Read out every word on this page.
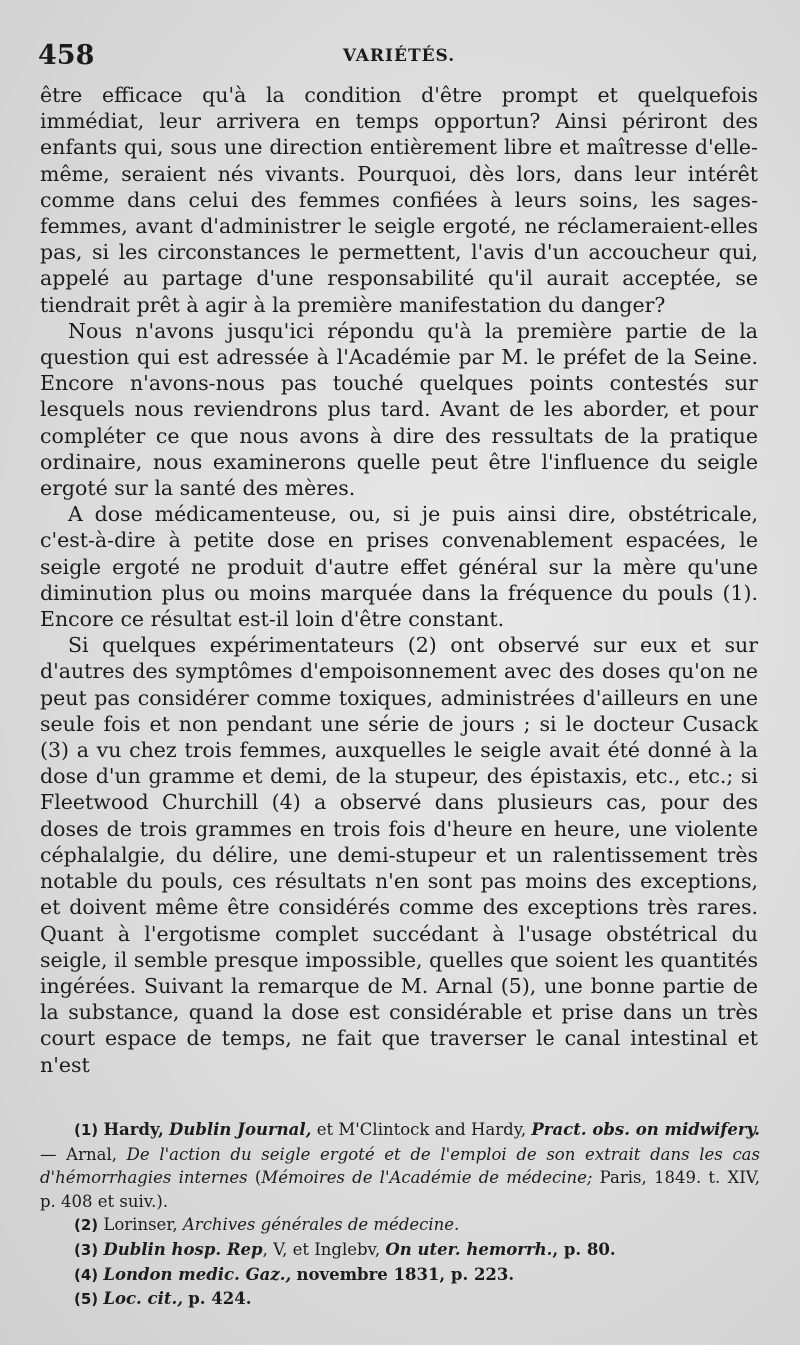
458	VARIÉTÉS.

être efficace qu'à la condition d'être prompt et quelquefois immédiat, leur arrivera en temps opportun? Ainsi périront des enfants qui, sous une direction entièrement libre et maîtresse d'elle-même, seraient nés vivants. Pourquoi, dès lors, dans leur intérêt comme dans celui des femmes confiées à leurs soins, les sages-femmes, avant d'administrer le seigle ergoté, ne réclameraient-elles pas, si les circonstances le permettent, l'avis d'un accoucheur qui, appelé au partage d'une responsabilité qu'il aurait acceptée, se tiendrait prêt à agir à la première manifestation du danger?

Nous n'avons jusqu'ici répondu qu'à la première partie de la question qui est adressée à l'Académie par M. le préfet de la Seine. Encore n'avons-nous pas touché quelques points contestés sur lesquels nous reviendrons plus tard. Avant de les aborder, et pour compléter ce que nous avons à dire des ressultats de la pratique ordinaire, nous examinerons quelle peut être l'influence du seigle ergoté sur la santé des mères.

A dose médicamenteuse, ou, si je puis ainsi dire, obstétricale, c'est-à-dire à petite dose en prises convenablement espacées, le seigle ergoté ne produit d'autre effet général sur la mère qu'une diminution plus ou moins marquée dans la fréquence du pouls (1). Encore ce résultat est-il loin d'être constant.

Si quelques expérimentateurs (2) ont observé sur eux et sur d'autres des symptômes d'empoisonnement avec des doses qu'on ne peut pas considérer comme toxiques, administrées d'ailleurs en une seule fois et non pendant une série de jours ; si le docteur Cusack (3) a vu chez trois femmes, auxquelles le seigle avait été donné à la dose d'un gramme et demi, de la stupeur, des épistaxis, etc., etc.; si Fleetwood Churchill (4) a observé dans plusieurs cas, pour des doses de trois grammes en trois fois d'heure en heure, une violente céphalalgie, du délire, une demi-stupeur et un ralentissement très notable du pouls, ces résultats n'en sont pas moins des exceptions, et doivent même être considérés comme des exceptions très rares. Quant à l'ergotisme complet succédant à l'usage obstétrical du seigle, il semble presque impossible, quelles que soient les quantités ingérées. Suivant la remarque de M. Arnal (5), une bonne partie de la substance, quand la dose est considérable et prise dans un très court espace de temps, ne fait que traverser le canal intestinal et n'est

(1) Hardy, Dublin Journal, et M'Clintock and Hardy, Pract. obs. on midwifery. — Arnal, De l'action du seigle ergoté et de l'emploi de son extrait dans les cas d'hémorrhagies internes (Mémoires de l'Académie de médecine; Paris, 1849. t. XIV, p. 408 et suiv.).

(2) Lorinser, Archives générales de médecine.

(3) Dublin hosp. Rep, V, et Inglebv, On uter. hemorrh., p. 80.

(4) London medic. Gaz., novembre 1831, p. 223.

(5) Loc. cit., p. 424.
